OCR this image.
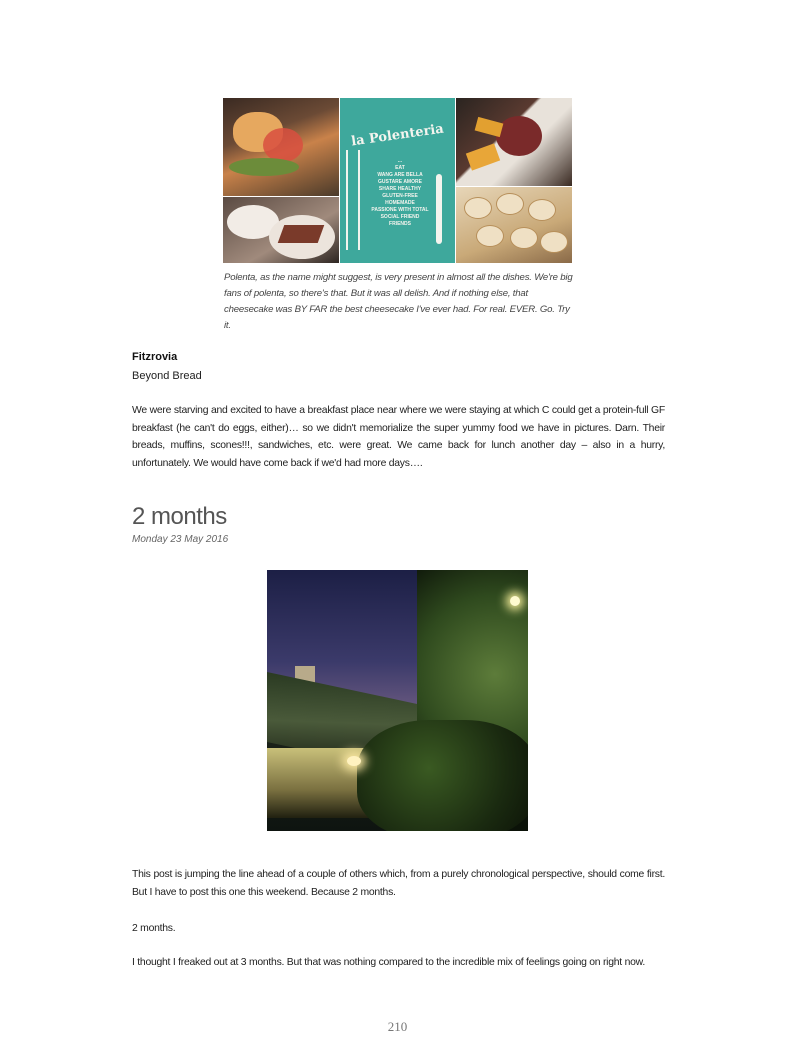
la Polenteria
...
EAT
WANG ARE BELLA
GUSTARE AMORE
SHARE HEALTHY
GLUTEN-FREE
HOMEMADE
PASSIONE WITH TOTAL
SOCIAL FRIEND
FRIENDS
Polenta, as the name might suggest, is very present in almost all the dishes. We're big fans of polenta, so there's that. But it was all delish. And if nothing else, that cheesecake was BY FAR the best cheesecake I've ever had. For real. EVER. Go. Try it.
Fitzrovia
Beyond Bread
We were starving and excited to have a breakfast place near where we were staying at which C could get a protein-full GF breakfast (he can't do eggs, either)… so we didn't memorialize the super yummy food we have in pictures. Darn. Their breads, muffins, scones!!!, sandwiches, etc. were great. We came back for lunch another day – also in a hurry, unfortunately. We would have come back if we'd had more days….
2 months
Monday 23 May 2016
This post is jumping the line ahead of a couple of others which, from a purely chronological perspective, should come first. But I have to post this one this weekend. Because 2 months.
2 months.
I thought I freaked out at 3 months. But that was nothing compared to the incredible mix of feelings going on right now.
210
